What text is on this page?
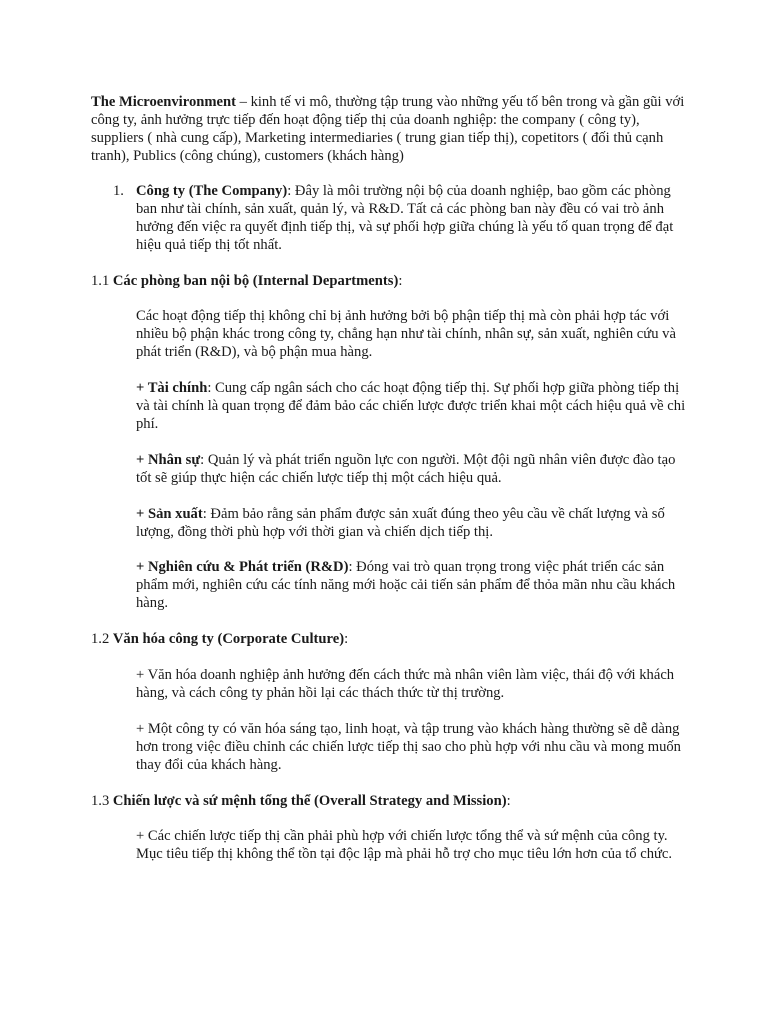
The Microenvironment – kinh tế vi mô, thường tập trung vào những yếu tố bên trong và gần gũi với công ty, ảnh hưởng trực tiếp đến hoạt động tiếp thị của doanh nghiệp: the company ( công ty), suppliers ( nhà cung cấp), Marketing intermediaries ( trung gian tiếp thị), copetitors ( đối thủ cạnh tranh), Publics (công chúng), customers (khách hàng)

1. Công ty (The Company): Đây là môi trường nội bộ của doanh nghiệp, bao gồm các phòng ban như tài chính, sản xuất, quản lý, và R&D. Tất cả các phòng ban này đều có vai trò ảnh hưởng đến việc ra quyết định tiếp thị, và sự phối hợp giữa chúng là yếu tố quan trọng để đạt hiệu quả tiếp thị tốt nhất.

1.1 Các phòng ban nội bộ (Internal Departments):

Các hoạt động tiếp thị không chỉ bị ảnh hưởng bởi bộ phận tiếp thị mà còn phải hợp tác với nhiều bộ phận khác trong công ty, chẳng hạn như tài chính, nhân sự, sản xuất, nghiên cứu và phát triển (R&D), và bộ phận mua hàng.

+ Tài chính: Cung cấp ngân sách cho các hoạt động tiếp thị. Sự phối hợp giữa phòng tiếp thị và tài chính là quan trọng để đảm bảo các chiến lược được triển khai một cách hiệu quả về chi phí.

+ Nhân sự: Quản lý và phát triển nguồn lực con người. Một đội ngũ nhân viên được đào tạo tốt sẽ giúp thực hiện các chiến lược tiếp thị một cách hiệu quả.

+ Sản xuất: Đảm bảo rằng sản phẩm được sản xuất đúng theo yêu cầu về chất lượng và số lượng, đồng thời phù hợp với thời gian và chiến dịch tiếp thị.

+ Nghiên cứu & Phát triển (R&D): Đóng vai trò quan trọng trong việc phát triển các sản phẩm mới, nghiên cứu các tính năng mới hoặc cải tiến sản phẩm để thỏa mãn nhu cầu khách hàng.

1.2 Văn hóa công ty (Corporate Culture):

+ Văn hóa doanh nghiệp ảnh hưởng đến cách thức mà nhân viên làm việc, thái độ với khách hàng, và cách công ty phản hồi lại các thách thức từ thị trường.

+ Một công ty có văn hóa sáng tạo, linh hoạt, và tập trung vào khách hàng thường sẽ dễ dàng hơn trong việc điều chỉnh các chiến lược tiếp thị sao cho phù hợp với nhu cầu và mong muốn thay đổi của khách hàng.

1.3 Chiến lược và sứ mệnh tổng thể (Overall Strategy and Mission):

+ Các chiến lược tiếp thị cần phải phù hợp với chiến lược tổng thể và sứ mệnh của công ty. Mục tiêu tiếp thị không thể tồn tại độc lập mà phải hỗ trợ cho mục tiêu lớn hơn của tổ chức.
